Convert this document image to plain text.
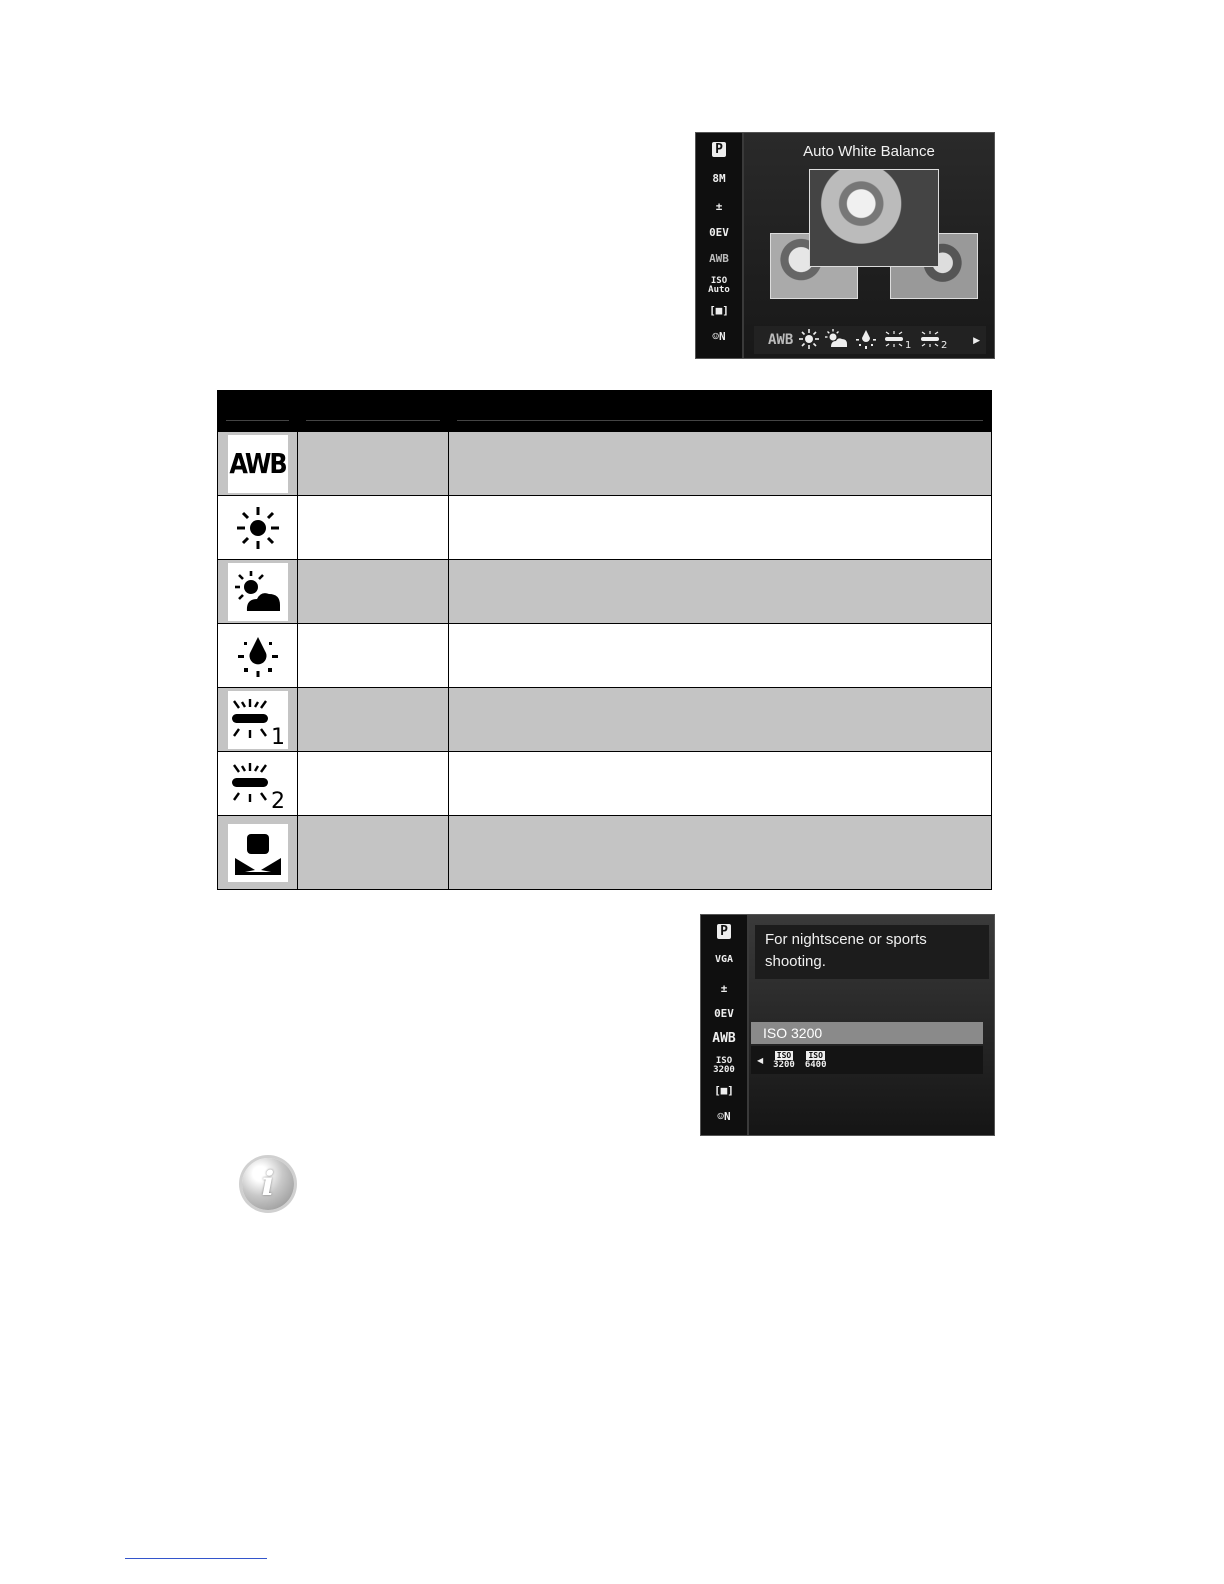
P
8M
±
0EV
AWB
ISO Auto
[■]
☺N
Auto White Balance
AWB	1	2	▶

AWB		

1		

2		

P
VGA
±
0EV
AWB
ISO 3200
[■]
☺N
For nightscene or sports shooting.
ISO 3200
◀
ISO
3200
ISO
6400
i
